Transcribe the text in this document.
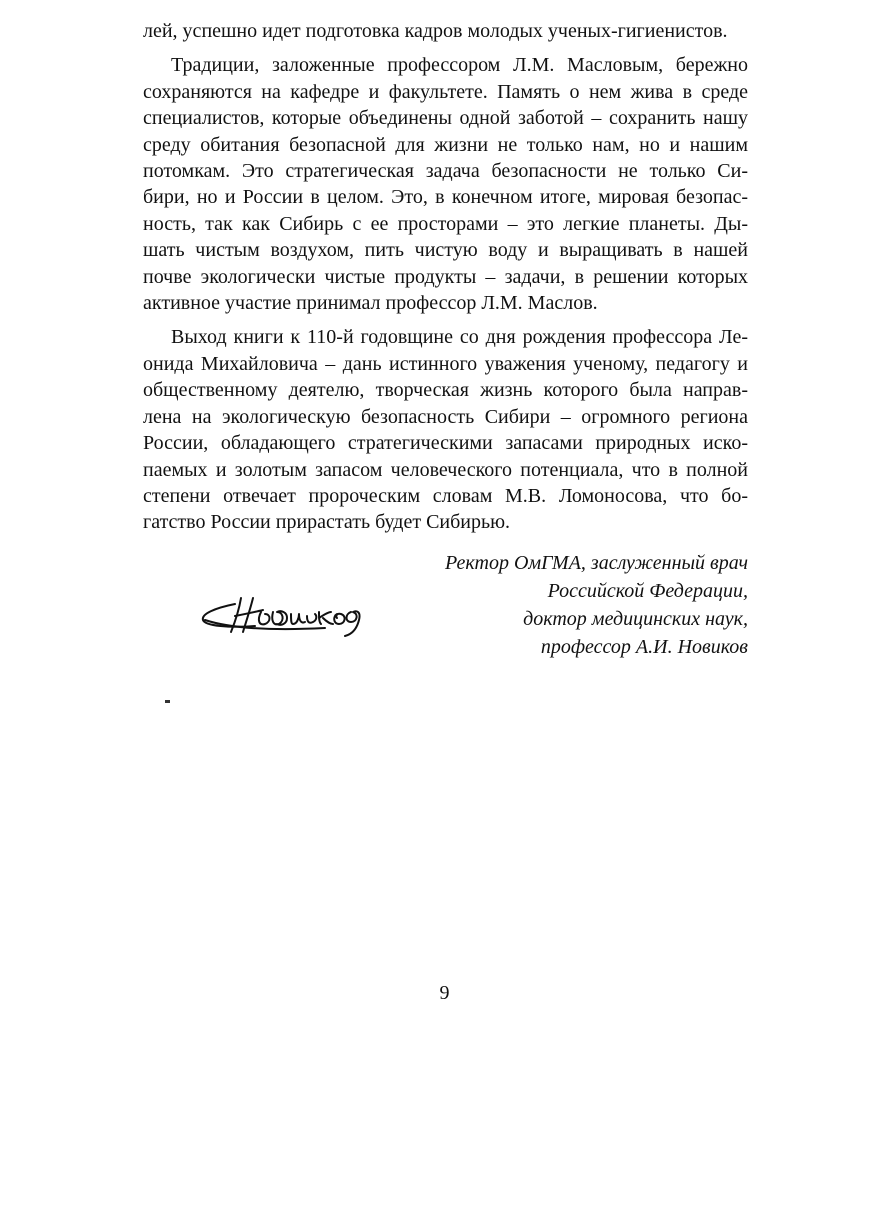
лей, успешно идет подготовка кадров молодых ученых-гигиенистов.
Традиции, заложенные профессором Л.М. Масловым, бережно
сохраняются на кафедре и факультете. Память о нем жива в среде
специалистов, которые объединены одной заботой – сохранить нашу
среду обитания безопасной для жизни не только нам, но и нашим
потомкам. Это стратегическая задача безопасности не только Си-
бири, но и России в целом. Это, в конечном итоге, мировая безопас-
ность, так как Сибирь с ее просторами – это легкие планеты. Ды-
шать чистым воздухом, пить чистую воду и выращивать в нашей
почве экологически чистые продукты – задачи, в решении которых
активное участие принимал профессор Л.М. Маслов.
Выход книги к 110-й годовщине со дня рождения профессора Ле-
онида Михайловича – дань истинного уважения ученому, педагогу и
общественному деятелю, творческая жизнь которого была направ-
лена на экологическую безопасность Сибири – огромного региона
России, обладающего стратегическими запасами природных иско-
паемых и золотым запасом человеческого потенциала, что в полной
степени отвечает пророческим словам М.В. Ломоносова, что бо-
гатство России прирастать будет Сибирью.
Ректор ОмГМА, заслуженный врач
Российской Федерации,
доктор медицинских наук,
профессор А.И. Новиков
9
